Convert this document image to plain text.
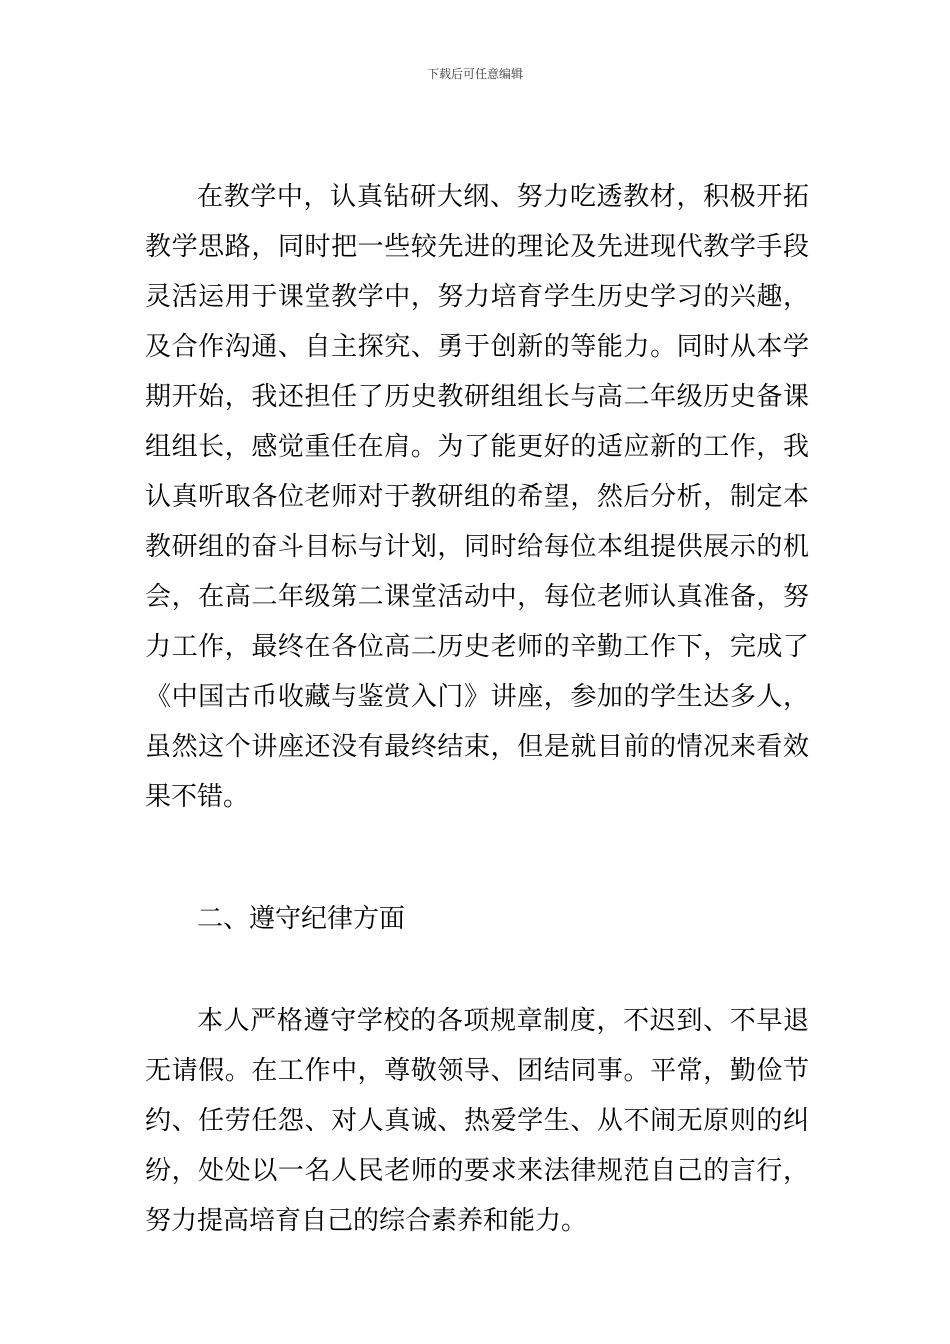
下载后可任意编辑
在教学中，认真钻研大纲、努力吃透教材，积极开拓
教学思路，同时把一些较先进的理论及先进现代教学手段
灵活运用于课堂教学中，努力培育学生历史学习的兴趣，
及合作沟通、自主探究、勇于创新的等能力。同时从本学
期开始，我还担任了历史教研组组长与高二年级历史备课
组组长，感觉重任在肩。为了能更好的适应新的工作，我
认真听取各位老师对于教研组的希望，然后分析，制定本
教研组的奋斗目标与计划，同时给每位本组提供展示的机
会，在高二年级第二课堂活动中，每位老师认真准备，努
力工作，最终在各位高二历史老师的辛勤工作下，完成了
《中国古币收藏与鉴赏入门》讲座，参加的学生达多人，
虽然这个讲座还没有最终结束，但是就目前的情况来看效
果不错。
二、遵守纪律方面
本人严格遵守学校的各项规章制度，不迟到、不早退
无请假。在工作中，尊敬领导、团结同事。平常，勤俭节
约、任劳任怨、对人真诚、热爱学生、从不闹无原则的纠
纷，处处以一名人民老师的要求来法律规范自己的言行，
努力提高培育自己的综合素养和能力。
